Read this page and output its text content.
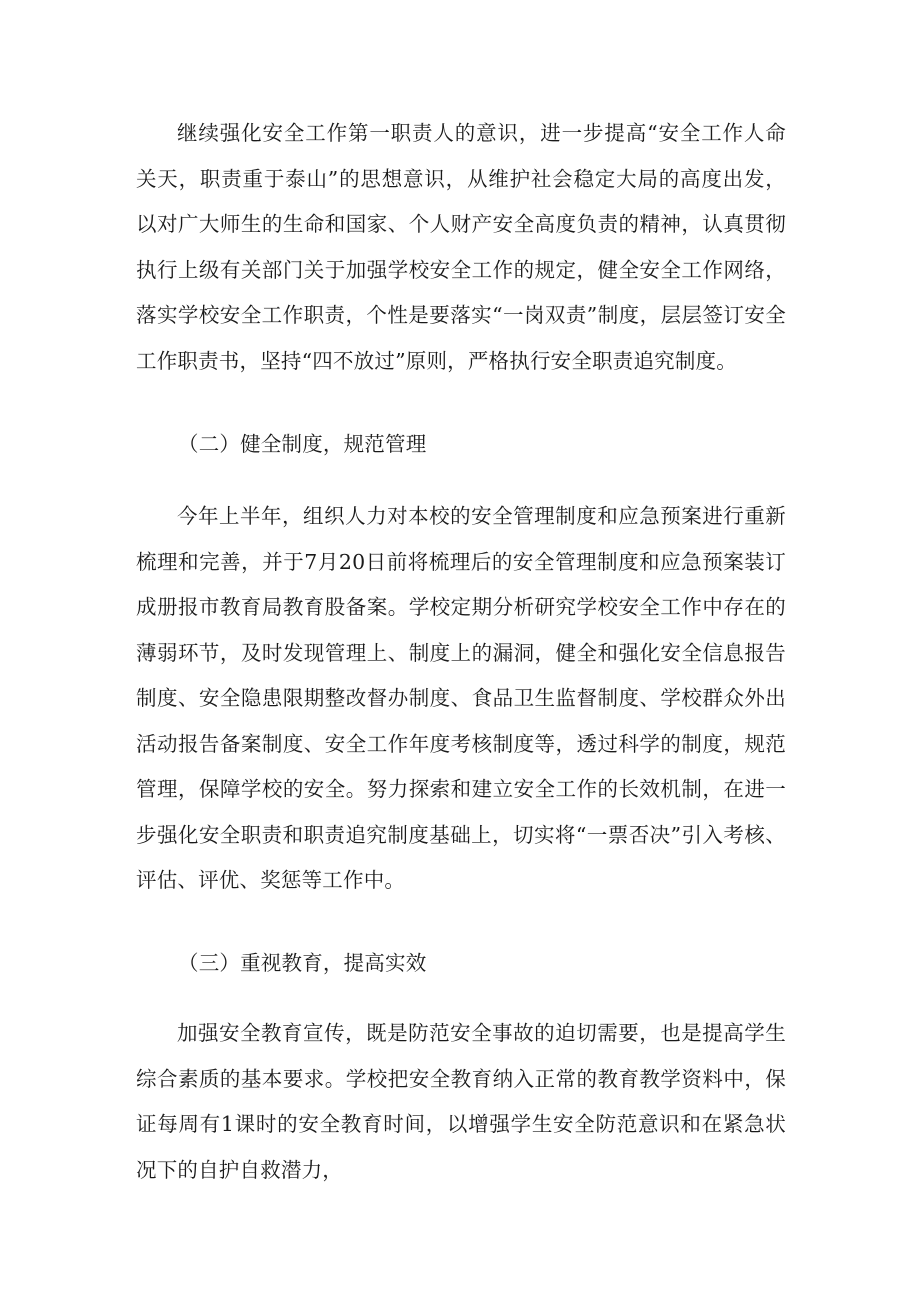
继续强化安全工作第一职责人的意识，进一步提高“安全工作人命关天，职责重于泰山”的思想意识，从维护社会稳定大局的高度出发，以对广大师生的生命和国家、个人财产安全高度负责的精神，认真贯彻执行上级有关部门关于加强学校安全工作的规定，健全安全工作网络，落实学校安全工作职责，个性是要落实“一岗双责”制度，层层签订安全工作职责书，坚持“四不放过”原则，严格执行安全职责追究制度。

（二）健全制度，规范管理

今年上半年，组织人力对本校的安全管理制度和应急预案进行重新梳理和完善，并于7月20日前将梳理后的安全管理制度和应急预案装订成册报市教育局教育股备案。学校定期分析研究学校安全工作中存在的薄弱环节，及时发现管理上、制度上的漏洞，健全和强化安全信息报告制度、安全隐患限期整改督办制度、食品卫生监督制度、学校群众外出活动报告备案制度、安全工作年度考核制度等，透过科学的制度，规范管理，保障学校的安全。努力探索和建立安全工作的长效机制，在进一步强化安全职责和职责追究制度基础上，切实将“一票否决”引入考核、评估、评优、奖惩等工作中。

（三）重视教育，提高实效

加强安全教育宣传，既是防范安全事故的迫切需要，也是提高学生综合素质的基本要求。学校把安全教育纳入正常的教育教学资料中，保证每周有1课时的安全教育时间，以增强学生安全防范意识和在紧急状况下的自护自救潜力，
